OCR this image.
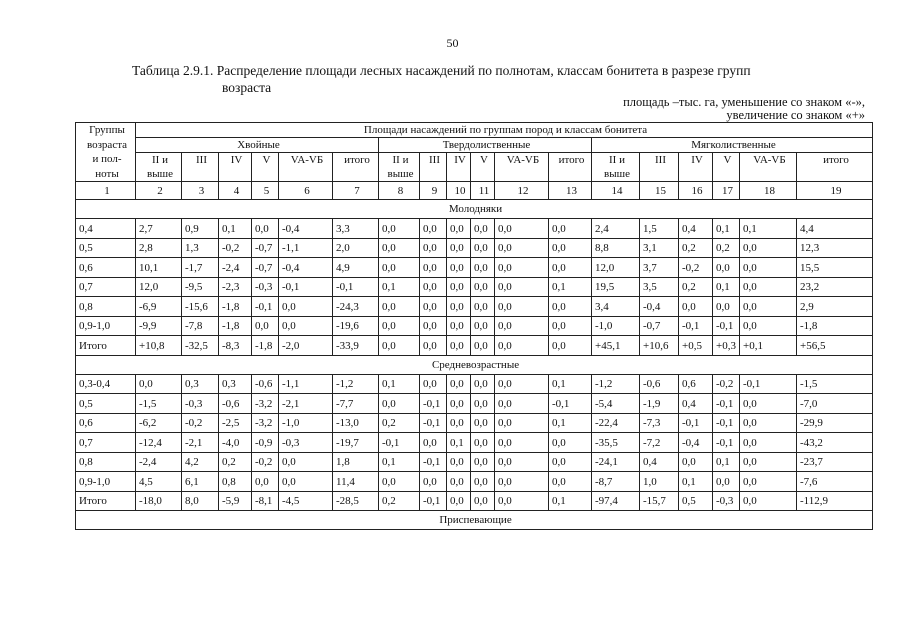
50
Таблица 2.9.1. Распределение площади лесных насаждений по полнотам, классам бонитета в разрезе групп
возраста
площадь –тыс. га, уменьшение со знаком «-»,
увеличение со знаком «+»
Группы	Площади насаждений по группам пород и классам бонитета																	
возраста	Хвойные						Твердолиственные						Мягколиственные					
и пол-	II и	III	IV	V	VA-VБ	итого	II и	III	IV	V	VA-VБ	итого	II и	III	IV	V	VA-VБ	итого
ноты	выше						выше						выше					
1	2	3	4	5	6	7	8	9	10	11	12	13	14	15	16	17	18	19
Молодняки																		
0,4	2,7	0,9	0,1	0,0	-0,4	3,3	0,0	0,0	0,0	0,0	0,0	0,0	2,4	1,5	0,4	0,1	0,1	4,4
0,5	2,8	1,3	-0,2	-0,7	-1,1	2,0	0,0	0,0	0,0	0,0	0,0	0,0	8,8	3,1	0,2	0,2	0,0	12,3
0,6	10,1	-1,7	-2,4	-0,7	-0,4	4,9	0,0	0,0	0,0	0,0	0,0	0,0	12,0	3,7	-0,2	0,0	0,0	15,5
0,7	12,0	-9,5	-2,3	-0,3	-0,1	-0,1	0,1	0,0	0,0	0,0	0,0	0,1	19,5	3,5	0,2	0,1	0,0	23,2
0,8	-6,9	-15,6	-1,8	-0,1	0,0	-24,3	0,0	0,0	0,0	0,0	0,0	0,0	3,4	-0,4	0,0	0,0	0,0	2,9
0,9-1,0	-9,9	-7,8	-1,8	0,0	0,0	-19,6	0,0	0,0	0,0	0,0	0,0	0,0	-1,0	-0,7	-0,1	-0,1	0,0	-1,8
Итого	+10,8	-32,5	-8,3	-1,8	-2,0	-33,9	0,0	0,0	0,0	0,0	0,0	0,0	+45,1	+10,6	+0,5	+0,3	+0,1	+56,5
Средневозрастные																		
0,3-0,4	0,0	0,3	0,3	-0,6	-1,1	-1,2	0,1	0,0	0,0	0,0	0,0	0,1	-1,2	-0,6	0,6	-0,2	-0,1	-1,5
0,5	-1,5	-0,3	-0,6	-3,2	-2,1	-7,7	0,0	-0,1	0,0	0,0	0,0	-0,1	-5,4	-1,9	0,4	-0,1	0,0	-7,0
0,6	-6,2	-0,2	-2,5	-3,2	-1,0	-13,0	0,2	-0,1	0,0	0,0	0,0	0,1	-22,4	-7,3	-0,1	-0,1	0,0	-29,9
0,7	-12,4	-2,1	-4,0	-0,9	-0,3	-19,7	-0,1	0,0	0,1	0,0	0,0	0,0	-35,5	-7,2	-0,4	-0,1	0,0	-43,2
0,8	-2,4	4,2	0,2	-0,2	0,0	1,8	0,1	-0,1	0,0	0,0	0,0	0,0	-24,1	0,4	0,0	0,1	0,0	-23,7
0,9-1,0	4,5	6,1	0,8	0,0	0,0	11,4	0,0	0,0	0,0	0,0	0,0	0,0	-8,7	1,0	0,1	0,0	0,0	-7,6
Итого	-18,0	8,0	-5,9	-8,1	-4,5	-28,5	0,2	-0,1	0,0	0,0	0,0	0,1	-97,4	-15,7	0,5	-0,3	0,0	-112,9
Приспевающие																		
